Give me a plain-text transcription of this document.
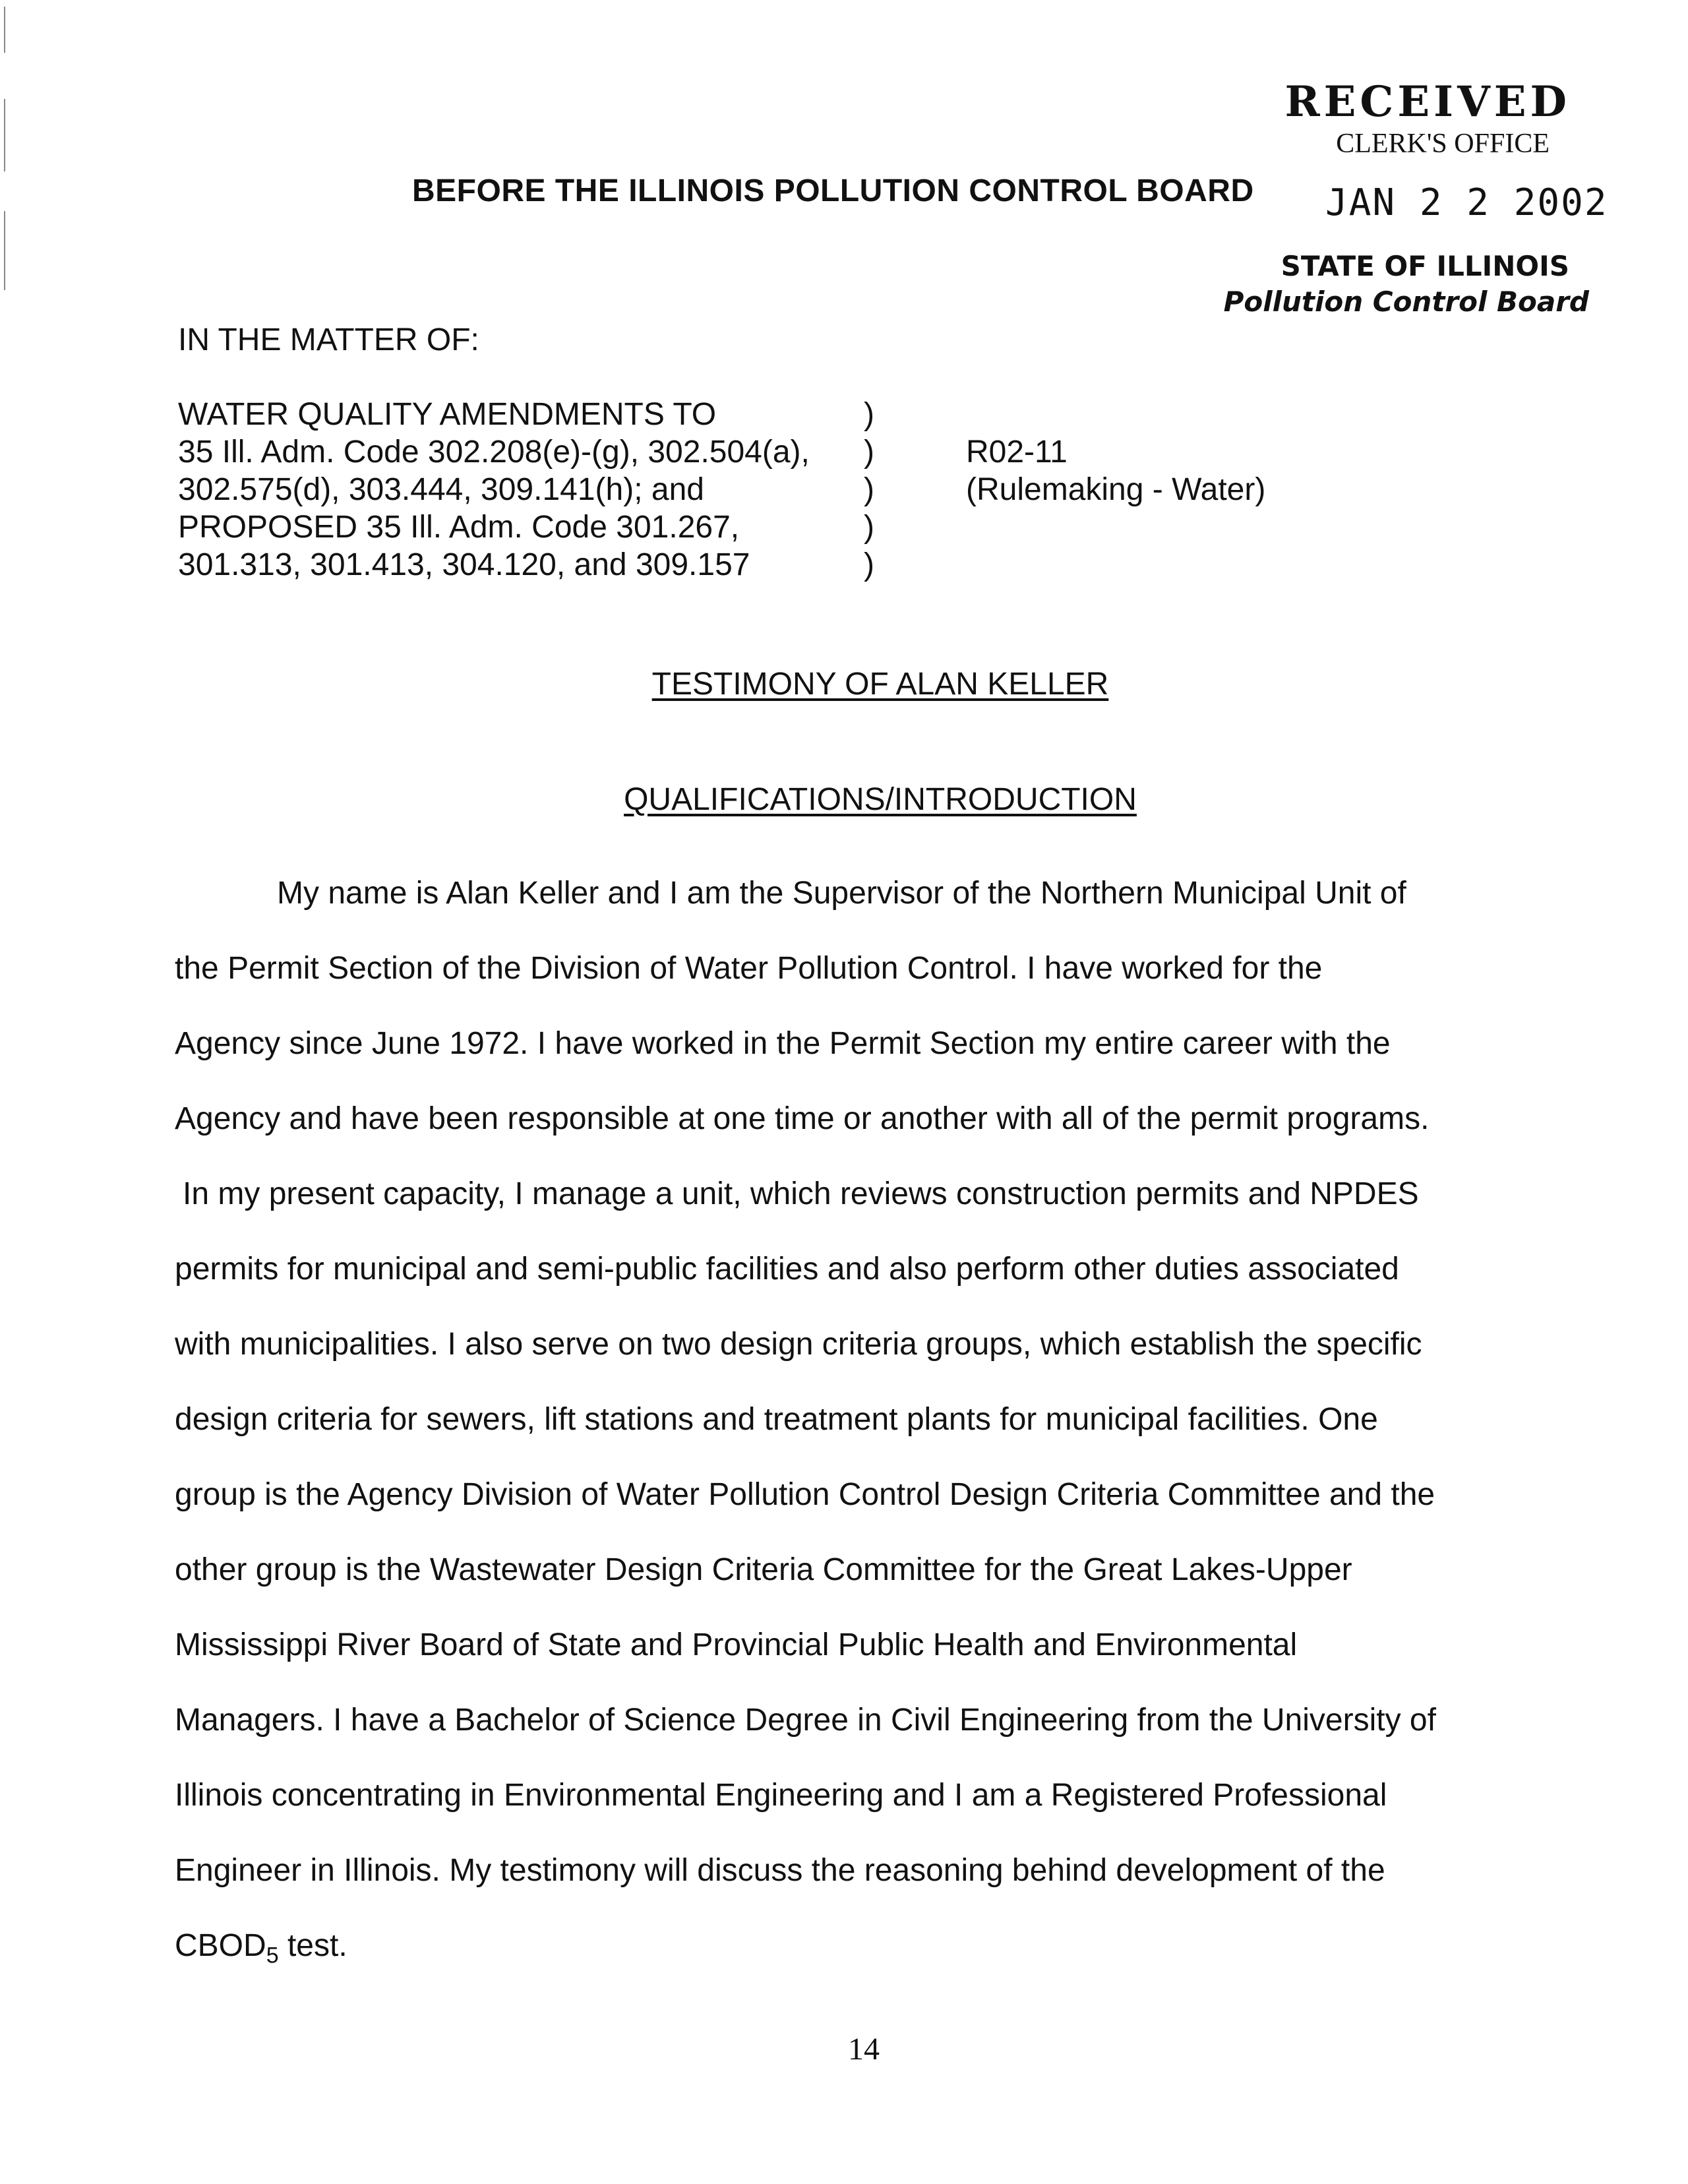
RECEIVED
CLERK'S OFFICE
JAN 2 2 2002
STATE OF ILLINOIS
Pollution Control Board
BEFORE THE ILLINOIS POLLUTION CONTROL BOARD
IN THE MATTER OF:
WATER QUALITY AMENDMENTS TO
35 Ill. Adm. Code 302.208(e)-(g), 302.504(a),
302.575(d), 303.444, 309.141(h); and
PROPOSED 35 Ill. Adm. Code 301.267,
301.313, 301.413, 304.120, and 309.157
)
)
)
)
)
R02-11
(Rulemaking - Water)
TESTIMONY OF ALAN KELLER
QUALIFICATIONS/INTRODUCTION
My name is Alan Keller and I am the Supervisor of the Northern Municipal Unit of
the Permit Section of the Division of Water Pollution Control. I have worked for the
Agency since June 1972. I have worked in the Permit Section my entire career with the
Agency and have been responsible at one time or another with all of the permit programs.
In my present capacity, I manage a unit, which reviews construction permits and NPDES
permits for municipal and semi-public facilities and also perform other duties associated
with municipalities. I also serve on two design criteria groups, which establish the specific
design criteria for sewers, lift stations and treatment plants for municipal facilities. One
group is the Agency Division of Water Pollution Control Design Criteria Committee and the
other group is the Wastewater Design Criteria Committee for the Great Lakes-Upper
Mississippi River Board of State and Provincial Public Health and Environmental
Managers. I have a Bachelor of Science Degree in Civil Engineering from the University of
Illinois concentrating in Environmental Engineering and I am a Registered Professional
Engineer in Illinois. My testimony will discuss the reasoning behind development of the
$CBOD_5$ test.
14
